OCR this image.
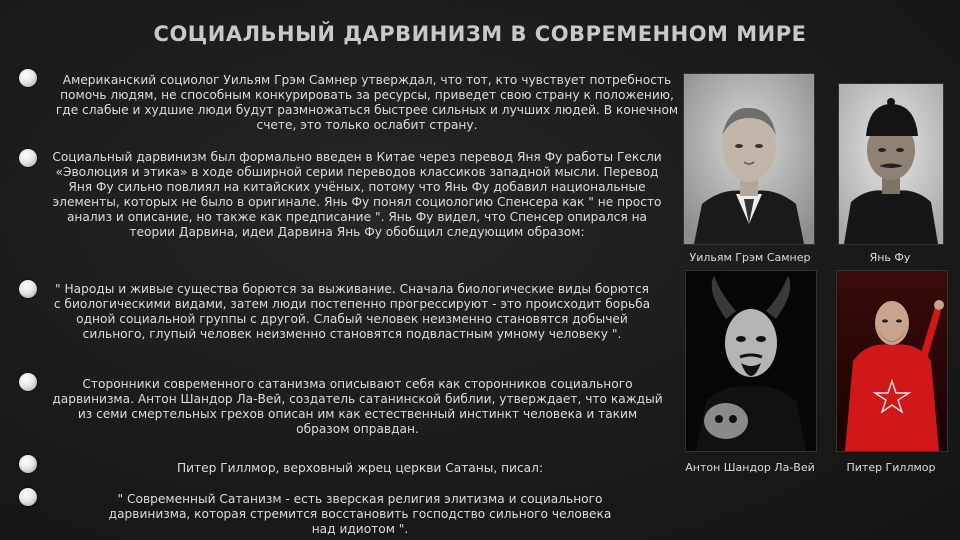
СОЦИАЛЬНЫЙ ДАРВИНИЗМ В СОВРЕМЕННОМ МИРЕ
Американский социолог Уильям Грэм Самнер утверждал, что тот, кто чувствует потребность помочь людям, не способным конкурировать за ресурсы, приведет свою страну к положению, где слабые и худшие люди будут размножаться быстрее сильных и лучших людей. В конечном счете, это только ослабит страну.
Социальный дарвинизм был формально введен в Китае через перевод Яня Фу работы Гексли «Эволюция и этика» в ходе обширной серии переводов классиков западной мысли. Перевод Яня Фу сильно повлиял на китайских учёных, потому что Янь Фу добавил национальные элементы, которых не было в оригинале. Янь Фу понял социологию Спенсера как " не просто анализ и описание, но также как предписание ". Янь Фу видел, что Спенсер опирался на теории Дарвина, идеи Дарвина Янь Фу обобщил следующим образом:
" Народы и живые существа борются за выживание. Сначала биологические виды борются с биологическими видами, затем люди постепенно прогрессируют - это происходит борьба одной социальной группы с другой. Слабый человек неизменно становятся добычей сильного, глупый человек неизменно становятся подвластным умному человеку ".
Сторонники современного сатанизма описывают себя как сторонников социального дарвинизма. Антон Шандор Ла-Вей, создатель сатанинской библии, утверждает, что каждый из семи смертельных грехов описан им как естественный инстинкт человека и таким образом оправдан.
Питер Гиллмор, верховный жрец церкви Сатаны, писал:
" Современный Сатанизм - есть зверская религия элитизма и социального дарвинизма, которая стремится восстановить господство сильного человека над идиотом ".
Уильям Грэм Самнер	Янь Фу
Антон Шандор Ла-Вей	Питер Гиллмор
